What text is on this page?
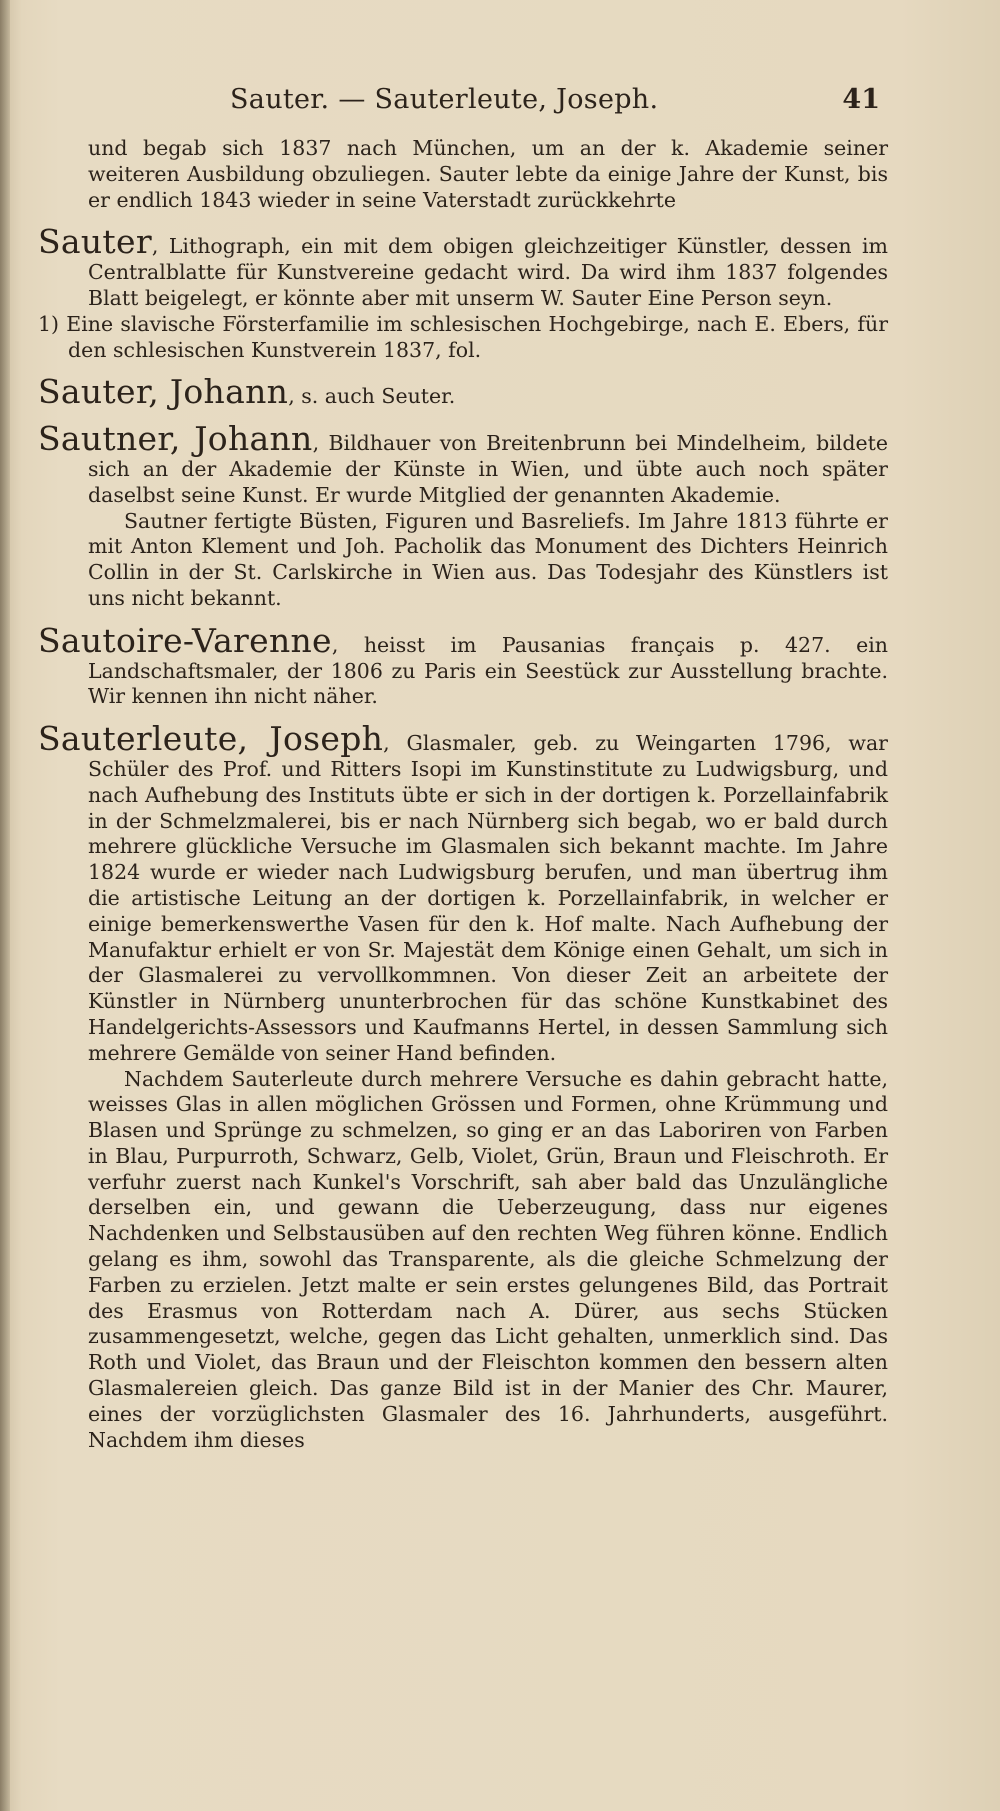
Sauter. — Sauterleute, Joseph.	41

und begab sich 1837 nach München, um an der k. Akademie seiner weiteren Ausbildung obzuliegen. Sauter lebte da einige Jahre der Kunst, bis er endlich 1843 wieder in seine Vaterstadt zurückkehrte

Sauter, Lithograph, ein mit dem obigen gleichzeitiger Künstler, dessen im Centralblatte für Kunstvereine gedacht wird. Da wird ihm 1837 folgendes Blatt beigelegt, er könnte aber mit unserm W. Sauter Eine Person seyn.

1) Eine slavische Försterfamilie im schlesischen Hochgebirge, nach E. Ebers, für den schlesischen Kunstverein 1837, fol.

Sauter, Johann, s. auch Seuter.

Sautner, Johann, Bildhauer von Breitenbrunn bei Mindelheim, bildete sich an der Akademie der Künste in Wien, und übte auch noch später daselbst seine Kunst. Er wurde Mitglied der genannten Akademie.

Sautner fertigte Büsten, Figuren und Basreliefs. Im Jahre 1813 führte er mit Anton Klement und Joh. Pacholik das Monument des Dichters Heinrich Collin in der St. Carlskirche in Wien aus. Das Todesjahr des Künstlers ist uns nicht bekannt.

Sautoire-Varenne, heisst im Pausanias français p. 427. ein Landschaftsmaler, der 1806 zu Paris ein Seestück zur Ausstellung brachte. Wir kennen ihn nicht näher.

Sauterleute, Joseph, Glasmaler, geb. zu Weingarten 1796, war Schüler des Prof. und Ritters Isopi im Kunstinstitute zu Ludwigsburg, und nach Aufhebung des Instituts übte er sich in der dortigen k. Porzellainfabrik in der Schmelzmalerei, bis er nach Nürnberg sich begab, wo er bald durch mehrere glückliche Versuche im Glasmalen sich bekannt machte. Im Jahre 1824 wurde er wieder nach Ludwigsburg berufen, und man übertrug ihm die artistische Leitung an der dortigen k. Porzellainfabrik, in welcher er einige bemerkenswerthe Vasen für den k. Hof malte. Nach Aufhebung der Manufaktur erhielt er von Sr. Majestät dem Könige einen Gehalt, um sich in der Glasmalerei zu vervollkommnen. Von dieser Zeit an arbeitete der Künstler in Nürnberg ununterbrochen für das schöne Kunstkabinet des Handelgerichts-Assessors und Kaufmanns Hertel, in dessen Sammlung sich mehrere Gemälde von seiner Hand befinden.

Nachdem Sauterleute durch mehrere Versuche es dahin gebracht hatte, weisses Glas in allen möglichen Grössen und Formen, ohne Krümmung und Blasen und Sprünge zu schmelzen, so ging er an das Laboriren von Farben in Blau, Purpurroth, Schwarz, Gelb, Violet, Grün, Braun und Fleischroth. Er verfuhr zuerst nach Kunkel's Vorschrift, sah aber bald das Unzulängliche derselben ein, und gewann die Ueberzeugung, dass nur eigenes Nachdenken und Selbstausüben auf den rechten Weg führen könne. Endlich gelang es ihm, sowohl das Transparente, als die gleiche Schmelzung der Farben zu erzielen. Jetzt malte er sein erstes gelungenes Bild, das Portrait des Erasmus von Rotterdam nach A. Dürer, aus sechs Stücken zusammengesetzt, welche, gegen das Licht gehalten, unmerklich sind. Das Roth und Violet, das Braun und der Fleischton kommen den bessern alten Glasmalereien gleich. Das ganze Bild ist in der Manier des Chr. Maurer, eines der vorzüglichsten Glasmaler des 16. Jahrhunderts, ausgeführt. Nachdem ihm dieses
